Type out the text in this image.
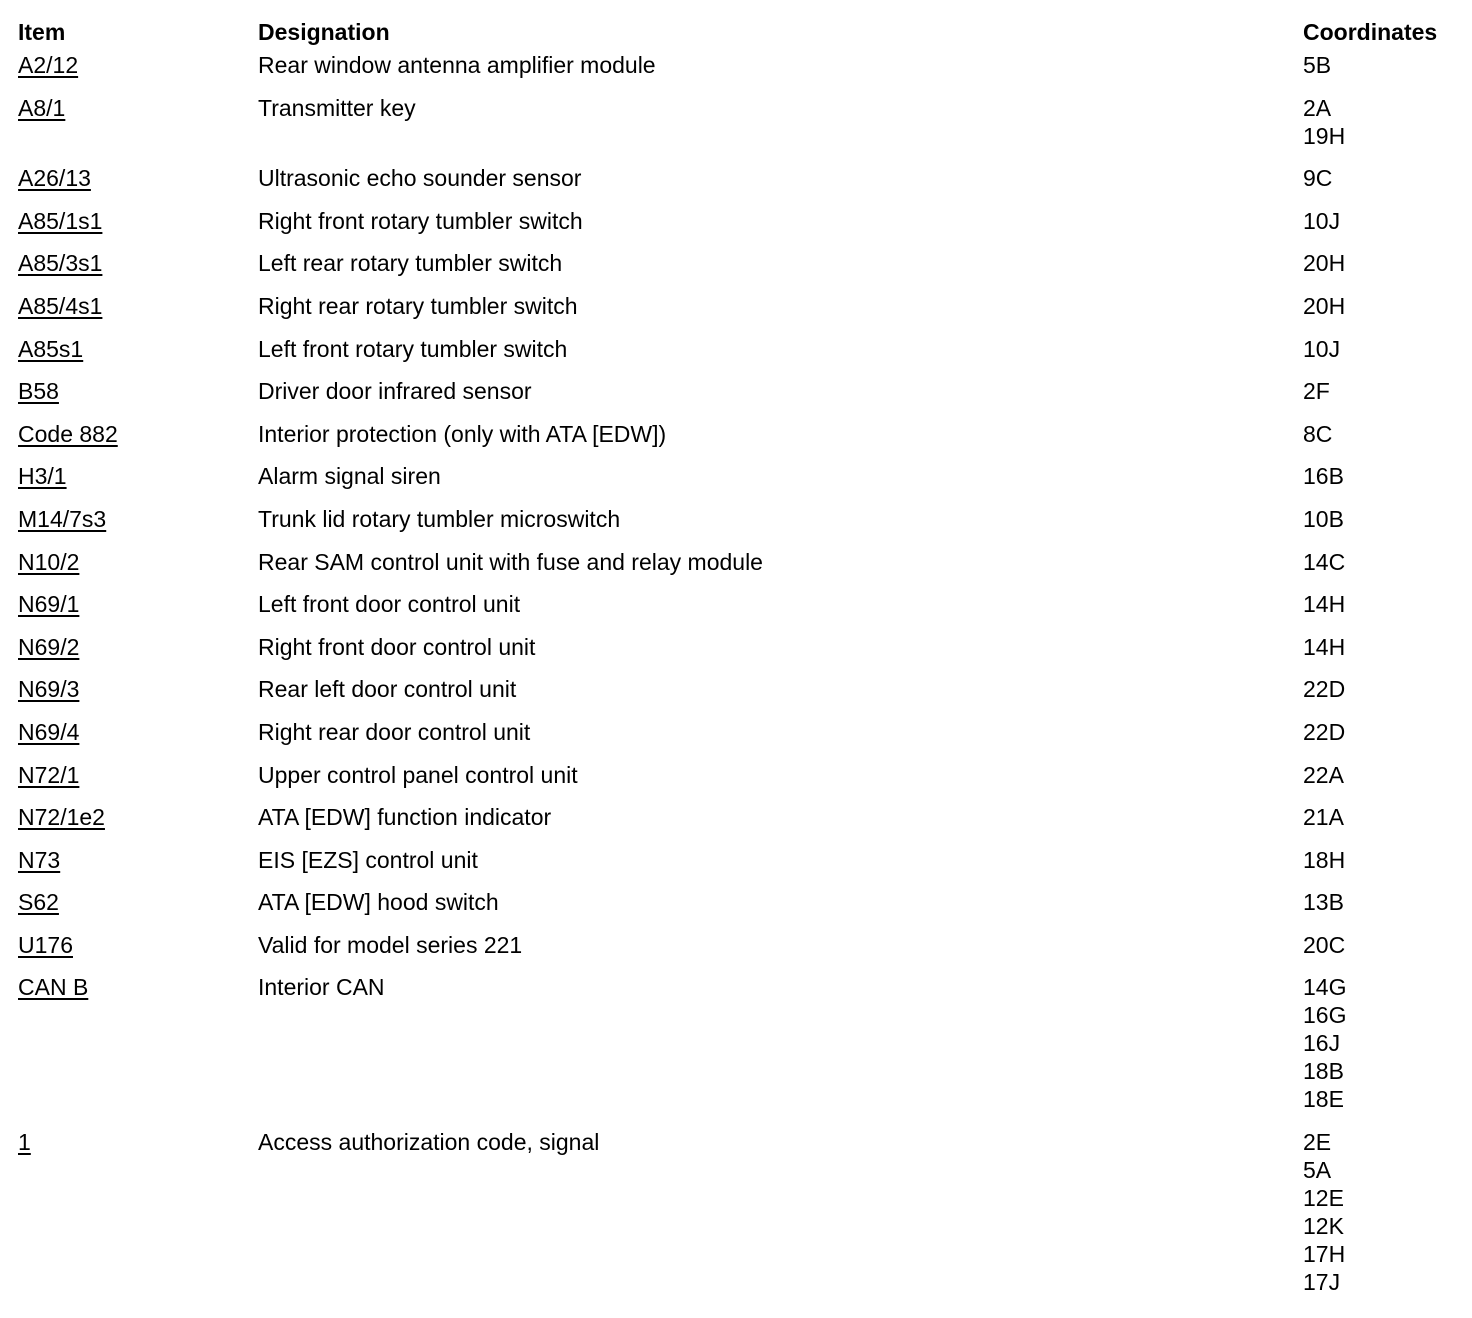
Item	Designation	Coordinates
A2/12	Rear window antenna amplifier module	5B
A8/1	Transmitter key	2A
19H
A26/13	Ultrasonic echo sounder sensor	9C
A85/1s1	Right front rotary tumbler switch	10J
A85/3s1	Left rear rotary tumbler switch	20H
A85/4s1	Right rear rotary tumbler switch	20H
A85s1	Left front rotary tumbler switch	10J
B58	Driver door infrared sensor	2F
Code 882	Interior protection (only with ATA [EDW])	8C
H3/1	Alarm signal siren	16B
M14/7s3	Trunk lid rotary tumbler microswitch	10B
N10/2	Rear SAM control unit with fuse and relay module	14C
N69/1	Left front door control unit	14H
N69/2	Right front door control unit	14H
N69/3	Rear left door control unit	22D
N69/4	Right rear door control unit	22D
N72/1	Upper control panel control unit	22A
N72/1e2	ATA [EDW] function indicator	21A
N73	EIS [EZS] control unit	18H
S62	ATA [EDW] hood switch	13B
U176	Valid for model series 221	20C
CAN B	Interior CAN	14G
16G
16J
18B
18E
1	Access authorization code, signal	2E
5A
12E
12K
17H
17J
